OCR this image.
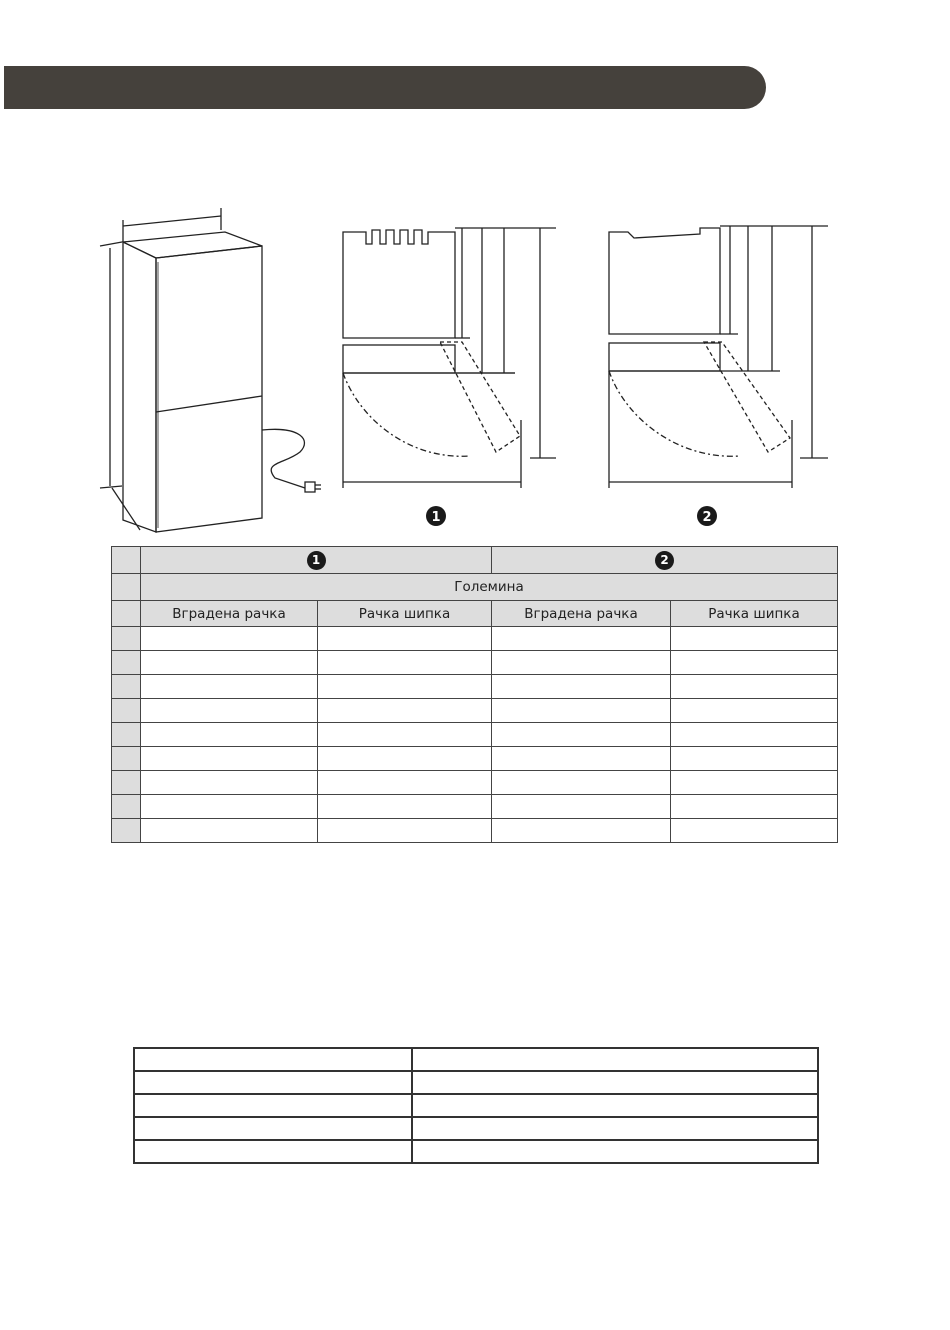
1	2
	1		2	
	Големина			
	Вградена рачка	Рачка шипка	Вградена рачка	Рачка шипка
